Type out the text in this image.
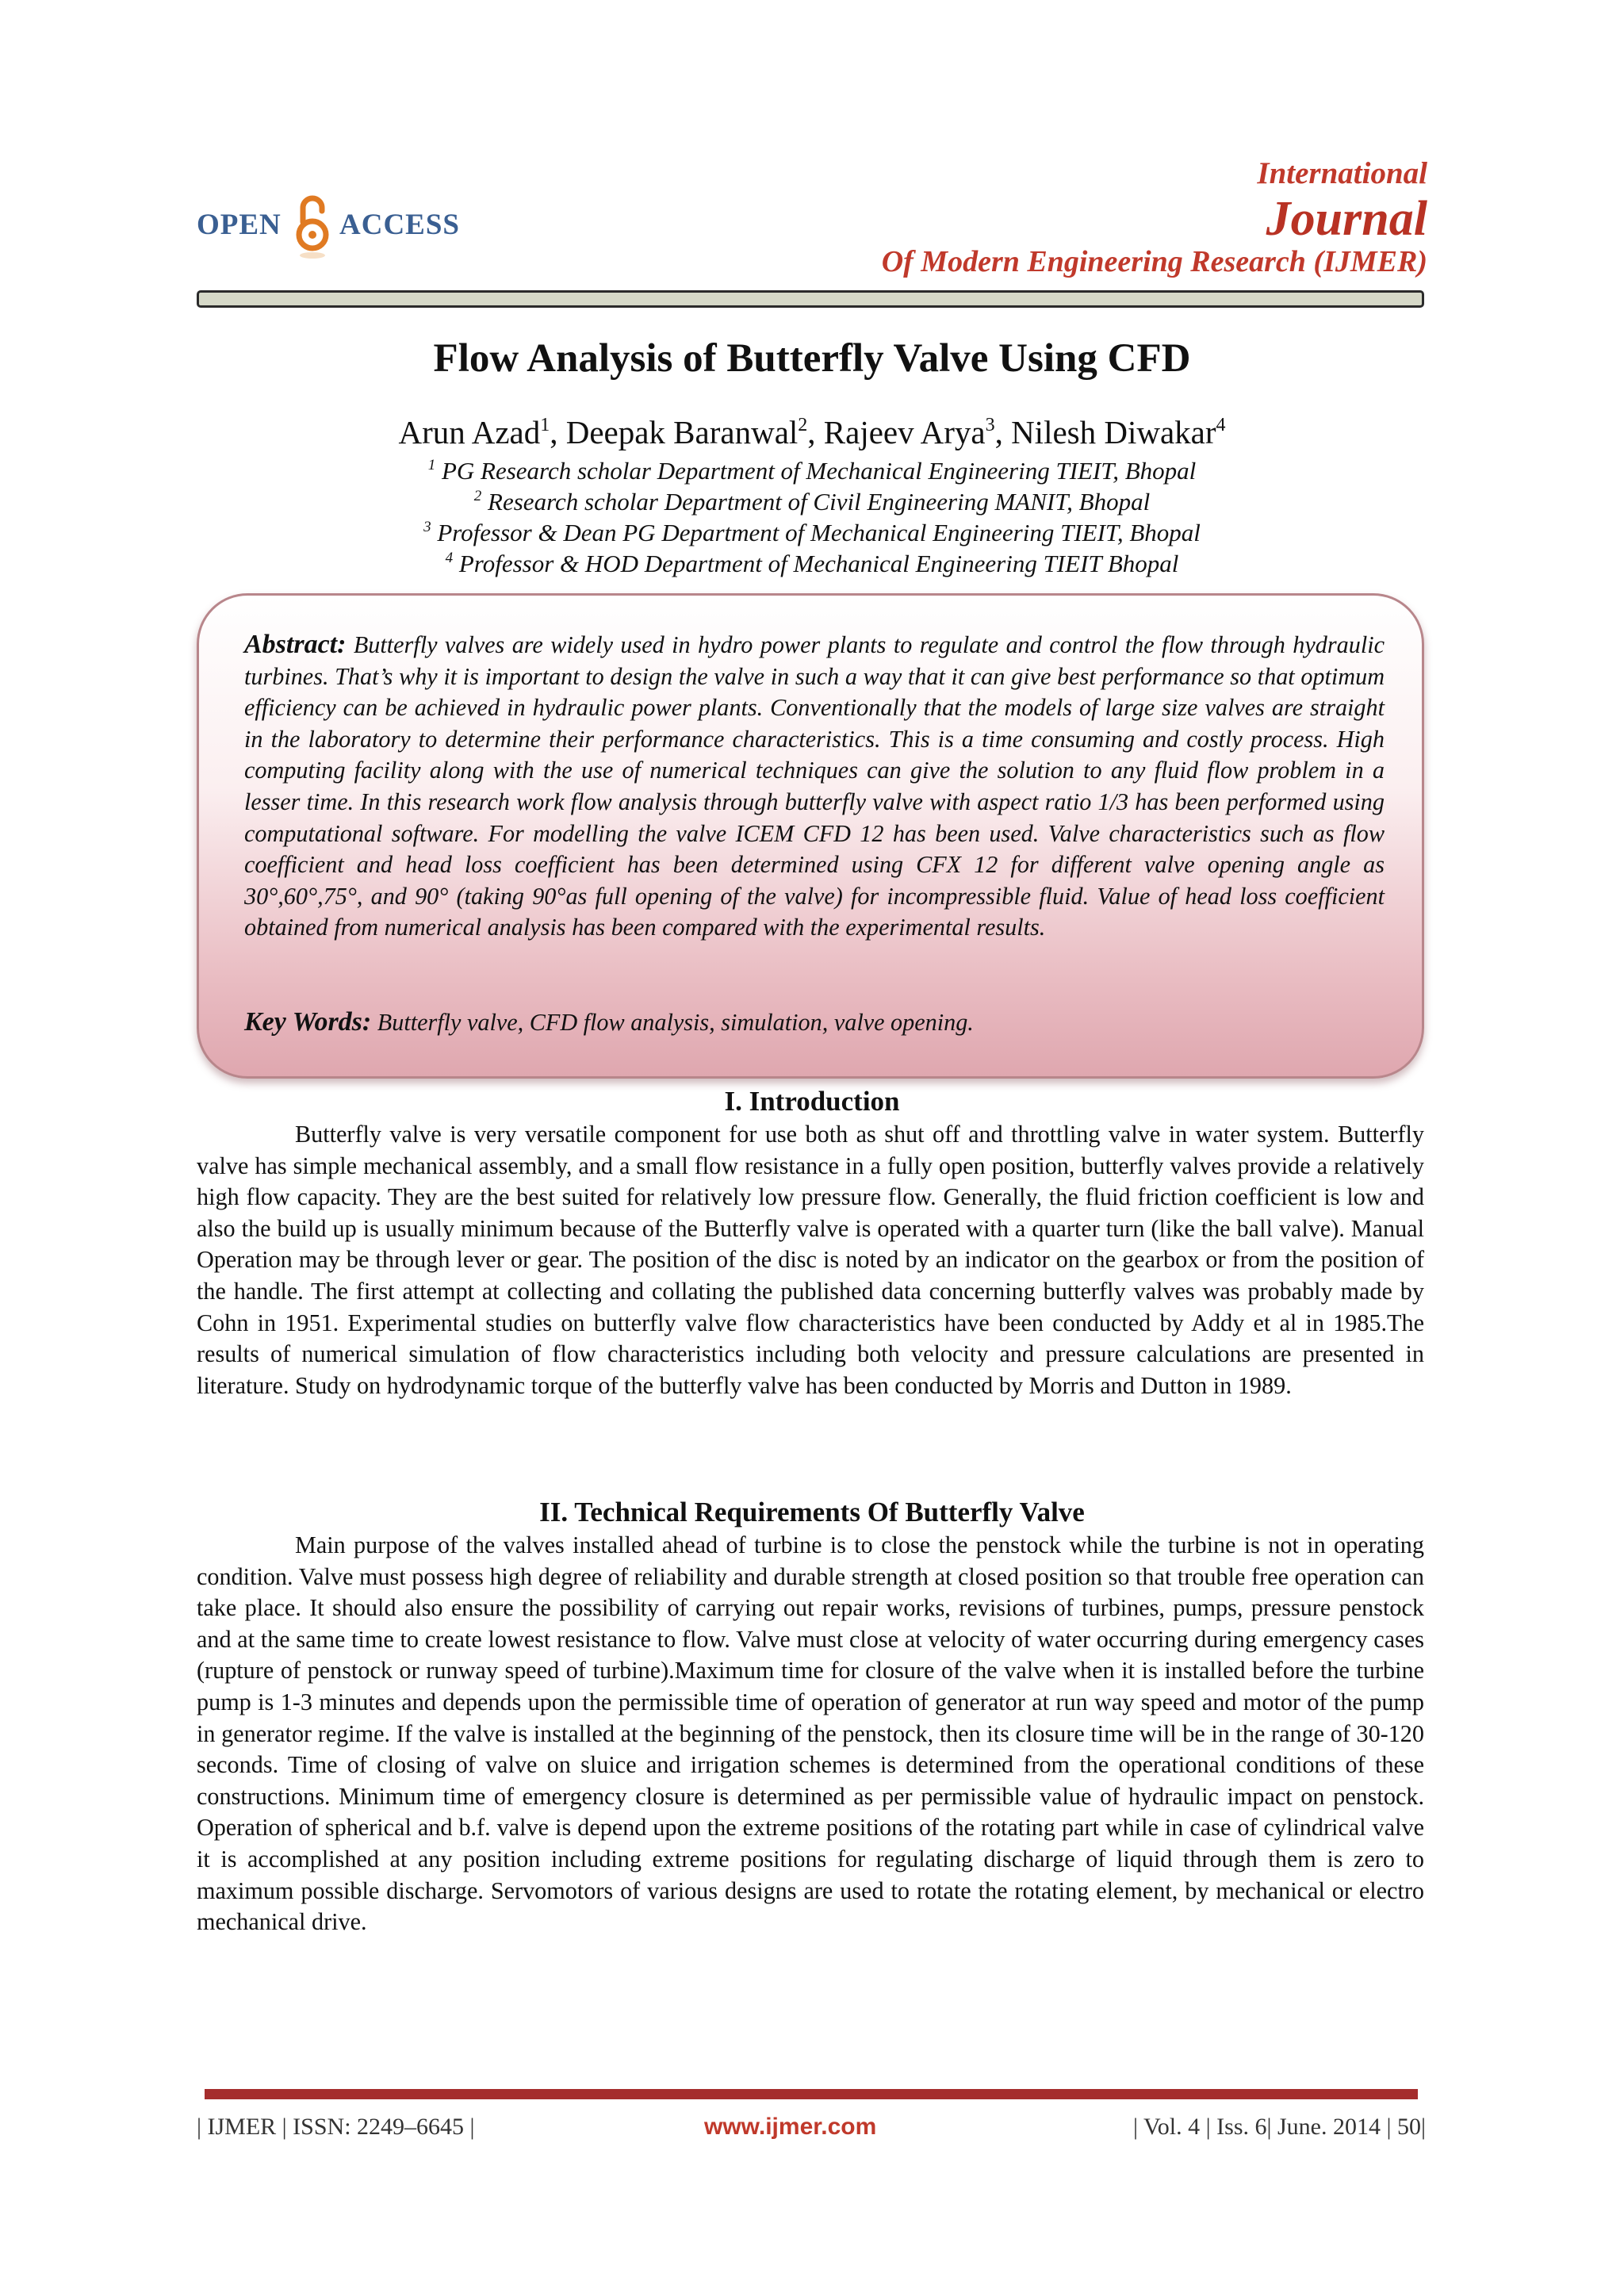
OPEN ACCESS
International
Journal
Of Modern Engineering Research (IJMER)
Flow Analysis of Butterfly Valve Using CFD
Arun Azad$^1$, Deepak Baranwal$^2$, Rajeev Arya$^3$, Nilesh Diwakar$^4$
$^1$ PG Research scholar Department of Mechanical Engineering TIEIT, Bhopal
$^2$ Research scholar Department of Civil Engineering MANIT, Bhopal
$^3$ Professor & Dean PG Department of Mechanical Engineering TIEIT, Bhopal
$^4$ Professor & HOD Department of Mechanical Engineering TIEIT Bhopal
Abstract: Butterfly valves are widely used in hydro power plants to regulate and control the flow through hydraulic turbines. That’s why it is important to design the valve in such a way that it can give best performance so that optimum efficiency can be achieved in hydraulic power plants. Conventionally that the models of large size valves are straight in the laboratory to determine their performance characteristics. This is a time consuming and costly process. High computing facility along with the use of numerical techniques can give the solution to any fluid flow problem in a lesser time. In this research work flow analysis through butterfly valve with aspect ratio 1/3 has been performed using computational software. For modelling the valve ICEM CFD 12 has been used. Valve characteristics such as flow coefficient and head loss coefficient has been determined using CFX 12 for different valve opening angle as 30°,60°,75°, and 90° (taking 90°as full opening of the valve) for incompressible fluid. Value of head loss coefficient obtained from numerical analysis has been compared with the experimental results.
Key Words: Butterfly valve, CFD flow analysis, simulation, valve opening.
I. Introduction

Butterfly valve is very versatile component for use both as shut off and throttling valve in water system. Butterfly valve has simple mechanical assembly, and a small flow resistance in a fully open position, butterfly valves provide a relatively high flow capacity. They are the best suited for relatively low pressure flow. Generally, the fluid friction coefficient is low and also the build up is usually minimum because of the Butterfly valve is operated with a quarter turn (like the ball valve). Manual Operation may be through lever or gear. The position of the disc is noted by an indicator on the gearbox or from the position of the handle. The first attempt at collecting and collating the published data concerning butterfly valves was probably made by Cohn in 1951. Experimental studies on butterfly valve flow characteristics have been conducted by Addy et al in 1985.The results of numerical simulation of flow characteristics including both velocity and pressure calculations are presented in literature. Study on hydrodynamic torque of the butterfly valve has been conducted by Morris and Dutton in 1989.

II. Technical Requirements Of Butterfly Valve

Main purpose of the valves installed ahead of turbine is to close the penstock while the turbine is not in operating condition. Valve must possess high degree of reliability and durable strength at closed position so that trouble free operation can take place. It should also ensure the possibility of carrying out repair works, revisions of turbines, pumps, pressure penstock and at the same time to create lowest resistance to flow. Valve must close at velocity of water occurring during emergency cases (rupture of penstock or runway speed of turbine).Maximum time for closure of the valve when it is installed before the turbine pump is 1-3 minutes and depends upon the permissible time of operation of generator at run way speed and motor of the pump in generator regime. If the valve is installed at the beginning of the penstock, then its closure time will be in the range of 30-120 seconds. Time of closing of valve on sluice and irrigation schemes is determined from the operational conditions of these constructions. Minimum time of emergency closure is determined as per permissible value of hydraulic impact on penstock. Operation of spherical and b.f. valve is depend upon the extreme positions of the rotating part while in case of cylindrical valve it is accomplished at any position including extreme positions for regulating discharge of liquid through them is zero to maximum possible discharge. Servomotors of various designs are used to rotate the rotating element, by mechanical or electro mechanical drive.

| IJMER | ISSN: 2249–6645 |	www.ijmer.com	| Vol. 4 | Iss. 6| June. 2014 | 50|
